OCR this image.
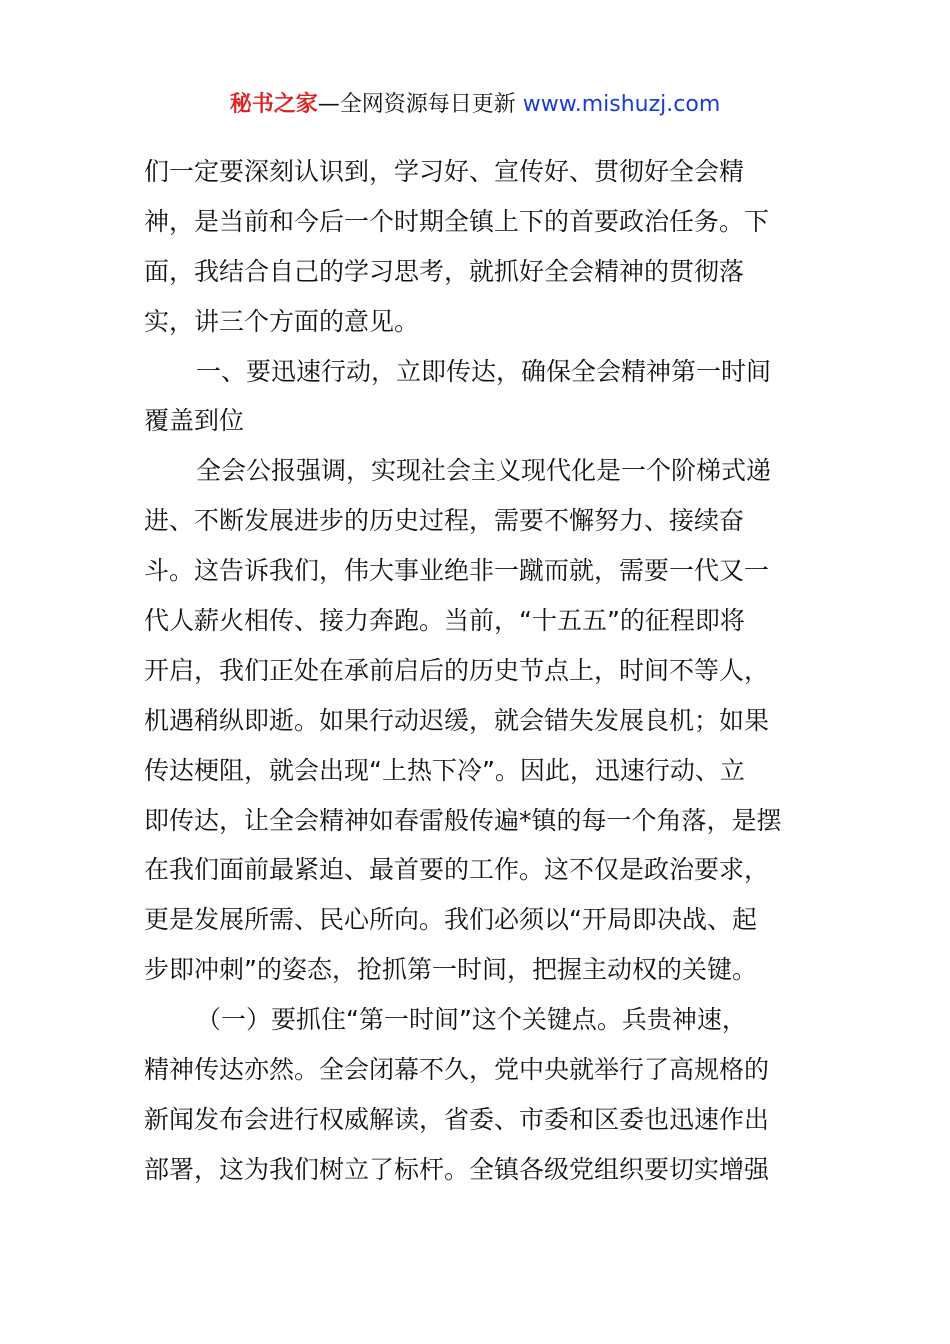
秘书之家—全网资源每日更新 www.mishuzj.com
们一定要深刻认识到，学习好、宣传好、贯彻好全会精
神，是当前和今后一个时期全镇上下的首要政治任务。下
面，我结合自己的学习思考，就抓好全会精神的贯彻落
实，讲三个方面的意见。
一、要迅速行动，立即传达，确保全会精神第一时间
覆盖到位
全会公报强调，实现社会主义现代化是一个阶梯式递
进、不断发展进步的历史过程，需要不懈努力、接续奋
斗。这告诉我们，伟大事业绝非一蹴而就，需要一代又一
代人薪火相传、接力奔跑。当前，“十五五”的征程即将
开启，我们正处在承前启后的历史节点上，时间不等人，
机遇稍纵即逝。如果行动迟缓，就会错失发展良机；如果
传达梗阻，就会出现“上热下冷”。因此，迅速行动、立
即传达，让全会精神如春雷般传遍*镇的每一个角落，是摆
在我们面前最紧迫、最首要的工作。这不仅是政治要求，
更是发展所需、民心所向。我们必须以“开局即决战、起
步即冲刺”的姿态，抢抓第一时间，把握主动权的关键。
（一）要抓住“第一时间”这个关键点。兵贵神速，
精神传达亦然。全会闭幕不久，党中央就举行了高规格的
新闻发布会进行权威解读，省委、市委和区委也迅速作出
部署，这为我们树立了标杆。全镇各级党组织要切实增强
